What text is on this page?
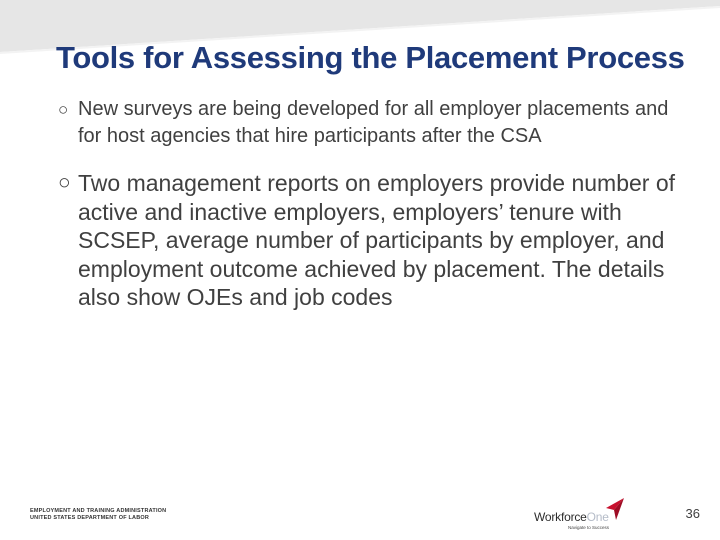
Tools for Assessing the Placement Process
○ New surveys are being developed for all employer placements and for host agencies that hire participants after the CSA
○ Two management reports on employers provide number of active and inactive employers, employers’ tenure with SCSEP, average number of participants by employer, and employment outcome achieved by placement. The details also show OJEs and job codes
EMPLOYMENT AND TRAINING ADMINISTRATION
UNITED STATES DEPARTMENT OF LABOR	WorkforceOne
Navigate to Success
36
